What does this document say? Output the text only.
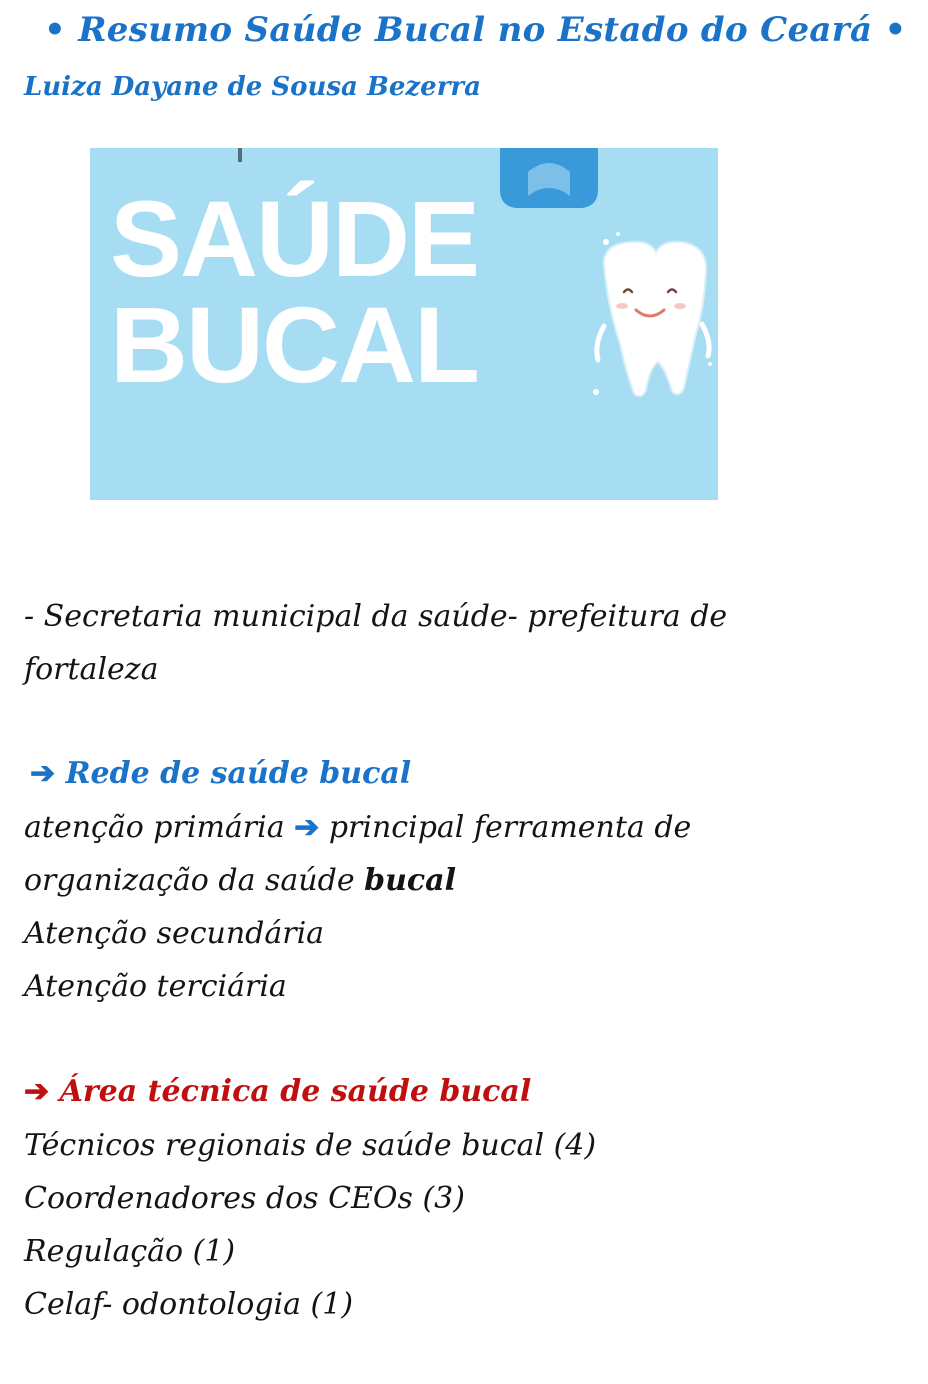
• Resumo Saúde Bucal no Estado do Ceará •
Luiza Dayane de Sousa Bezerra
SAÚDE
BUCAL
- Secretaria municipal da saúde- prefeitura de
fortaleza
➔ Rede de saúde bucal
atenção primária ➔ principal ferramenta de
organização da saúde bucal
Atenção secundária
Atenção terciária
➔ Área técnica de saúde bucal
Técnicos regionais de saúde bucal (4)
Coordenadores dos CEOs (3)
Regulação (1)
Celaf- odontologia (1)
